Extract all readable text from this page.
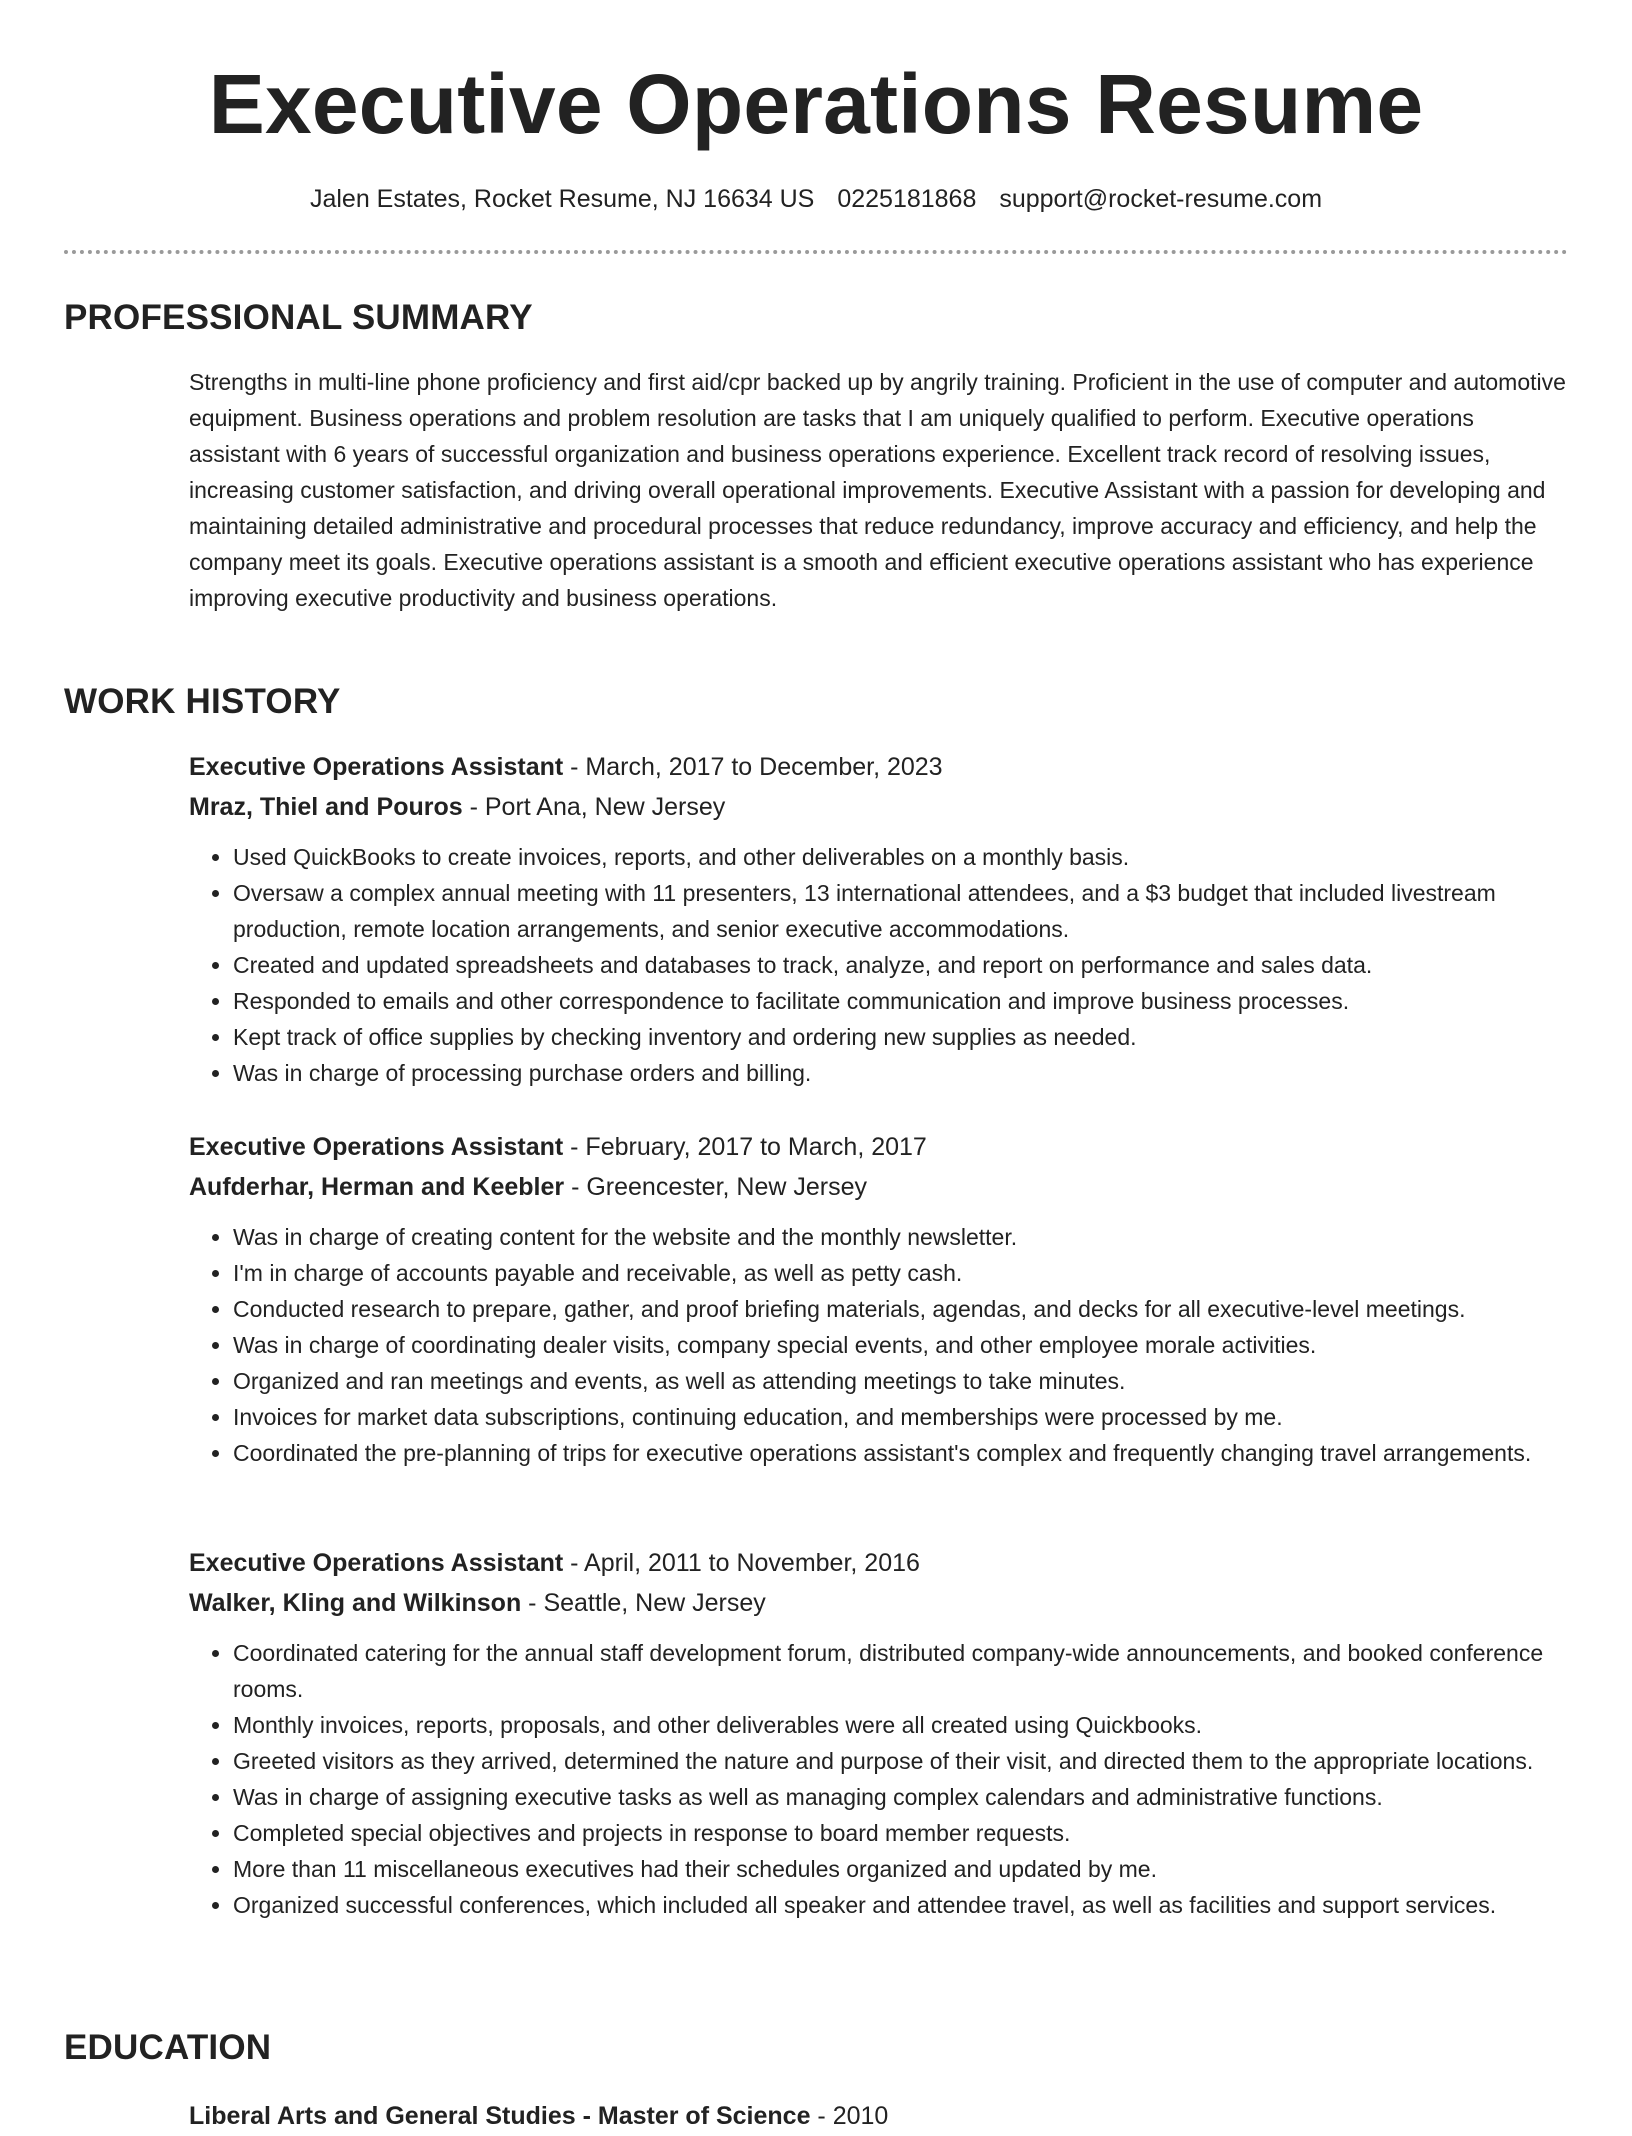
Executive Operations Resume
Jalen Estates, Rocket Resume, NJ 16634 US 0225181868 support@rocket-resume.com
PROFESSIONAL SUMMARY
Strengths in multi-line phone proficiency and first aid/cpr backed up by angrily training. Proficient in the use of computer and automotive equipment. Business operations and problem resolution are tasks that I am uniquely qualified to perform. Executive operations assistant with 6 years of successful organization and business operations experience. Excellent track record of resolving issues, increasing customer satisfaction, and driving overall operational improvements. Executive Assistant with a passion for developing and maintaining detailed administrative and procedural processes that reduce redundancy, improve accuracy and efficiency, and help the company meet its goals. Executive operations assistant is a smooth and efficient executive operations assistant who has experience improving executive productivity and business operations.
WORK HISTORY
Executive Operations Assistant - March, 2017 to December, 2023
Mraz, Thiel and Pouros - Port Ana, New Jersey
• Used QuickBooks to create invoices, reports, and other deliverables on a monthly basis.
• Oversaw a complex annual meeting with 11 presenters, 13 international attendees, and a $3 budget that included livestream production, remote location arrangements, and senior executive accommodations.
• Created and updated spreadsheets and databases to track, analyze, and report on performance and sales data.
• Responded to emails and other correspondence to facilitate communication and improve business processes.
• Kept track of office supplies by checking inventory and ordering new supplies as needed.
• Was in charge of processing purchase orders and billing.
Executive Operations Assistant - February, 2017 to March, 2017
Aufderhar, Herman and Keebler - Greencester, New Jersey
• Was in charge of creating content for the website and the monthly newsletter.
• I'm in charge of accounts payable and receivable, as well as petty cash.
• Conducted research to prepare, gather, and proof briefing materials, agendas, and decks for all executive-level meetings.
• Was in charge of coordinating dealer visits, company special events, and other employee morale activities.
• Organized and ran meetings and events, as well as attending meetings to take minutes.
• Invoices for market data subscriptions, continuing education, and memberships were processed by me.
• Coordinated the pre-planning of trips for executive operations assistant's complex and frequently changing travel arrangements.
Executive Operations Assistant - April, 2011 to November, 2016
Walker, Kling and Wilkinson - Seattle, New Jersey
• Coordinated catering for the annual staff development forum, distributed company-wide announcements, and booked conference rooms.
• Monthly invoices, reports, proposals, and other deliverables were all created using Quickbooks.
• Greeted visitors as they arrived, determined the nature and purpose of their visit, and directed them to the appropriate locations.
• Was in charge of assigning executive tasks as well as managing complex calendars and administrative functions.
• Completed special objectives and projects in response to board member requests.
• More than 11 miscellaneous executives had their schedules organized and updated by me.
• Organized successful conferences, which included all speaker and attendee travel, as well as facilities and support services.
EDUCATION
Liberal Arts and General Studies - Master of Science - 2010
